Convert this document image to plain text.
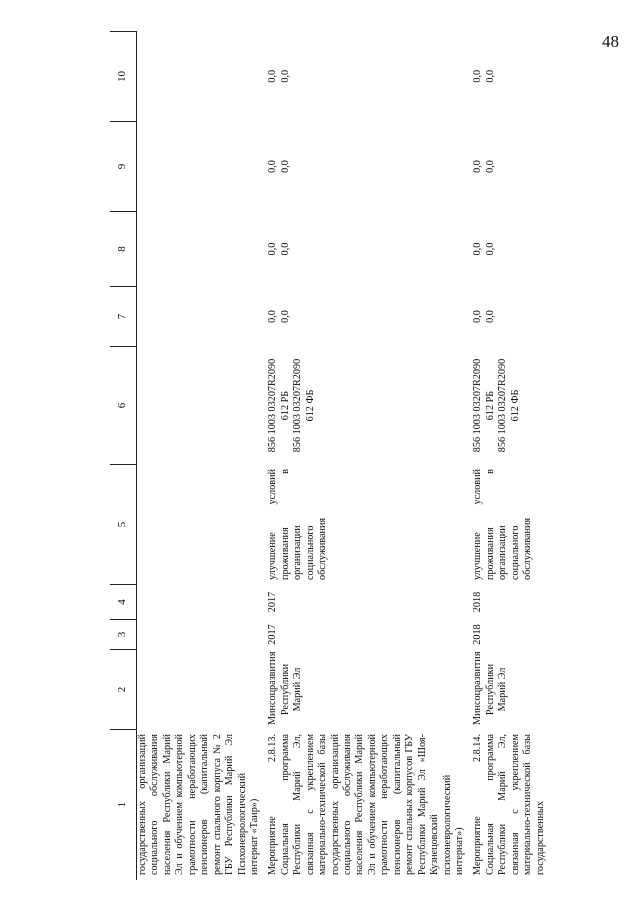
48
1	2	3	4	5	6	7	8	9	10
государственных организаций социального обслуживания населения Республики Марий Эл и обучением компьютерной грамотности неработающих пенсионеров (капитальный ремонт спального корпуса № 2 ГБУ Республики Марий Эл Психоневрологический интернат «Таир»)									
Мероприятие 2.8.13. Социальная программа Республики Марий Эл, связанная с укреплением материально-технической базы государственных организаций социального обслуживания населения Республики Марий Эл и обучением компьютерной грамотности неработающих пенсионеров (капитальный ремонт спальных корпусов ГБУ Республики Марий Эл «Шоя-Кузнецовский психоневрологический интернат»)	Минсоцразвития Республики Марий Эл	2017	2017	улучшение условий проживания в организации социального обслуживания	856 1003 03207R2090 612 РБ 856 1003 03207R2090 612 ФБ	0,0 0,0	0,0 0,0	0,0 0,0	0,0 0,0

Мероприятие 2.8.14. Социальная программа Республики Марий Эл, связанная с укреплением материально-технической базы государственных	Минсоцразвития Республики Марий Эл	2018	2018	улучшение условий проживания в организации социального обслуживания	856 1003 03207R2090 612 РБ 856 1003 03207R2090 612 ФБ	0,0 0,0	0,0 0,0	0,0 0,0	0,0 0,0
